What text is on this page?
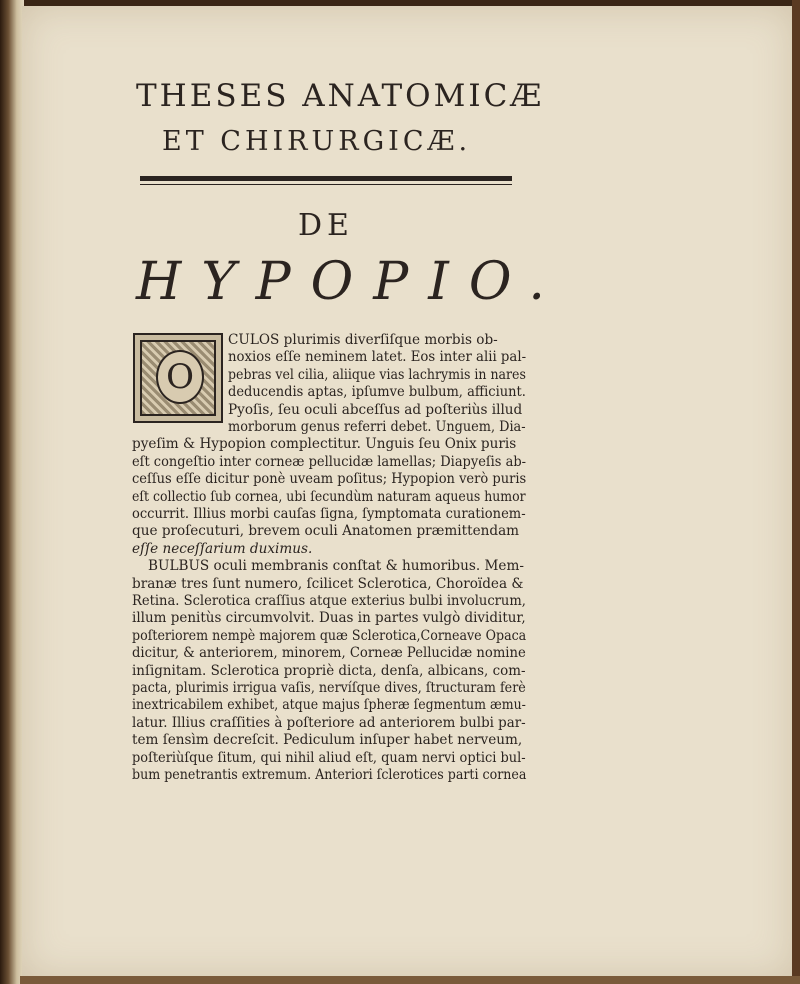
THESES ANATOMICÆ
ET CHIRURGICÆ.
DE
HYPOPIO.
O
CULOS plurimis diverſiſque morbis ob-
noxios eſſe neminem latet. Eos inter alii pal-
pebras vel cilia, aliique vias lachrymis in nares
deducendis aptas, ipſumve bulbum, afficiunt.
Pyoſis, ſeu oculi abceſſus ad poſteriùs illud
morborum genus referri debet. Unguem, Dia-
pyeſim & Hypopion complectitur. Unguis ſeu Onix puris
eſt congeſtio inter corneæ pellucidæ lamellas; Diapyeſis ab-
ceſſus eſſe dicitur ponè uveam poſitus; Hypopion verò puris
eſt collectio ſub cornea, ubi ſecundùm naturam aqueus humor
occurrit. Illius morbi cauſas ſigna, ſymptomata curationem-
que proſecuturi, brevem oculi Anatomen præmittendam
eſſe neceſſarium duximus.
BULBUS oculi membranis conſtat & humoribus. Mem-
branæ tres ſunt numero, ſcilicet Sclerotica, Choroïdea &
Retina. Sclerotica craſſius atque exterius bulbi involucrum,
illum penitùs circumvolvit. Duas in partes vulgò dividitur,
poſteriorem nempè majorem quæ Sclerotica,Corneave Opaca
dicitur, & anteriorem, minorem, Corneæ Pellucidæ nomine
inſignitam. Sclerotica propriè dicta, denſa, albicans, com-
pacta, plurimis irrigua vaſis, nervíſque dives, ſtructuram ferè
inextricabilem exhibet, atque majus ſpheræ ſegmentum æmu-
latur. Illius craſſities à poſteriore ad anteriorem bulbi par-
tem ſensìm decreſcit. Pediculum inſuper habet nerveum,
poſteriùſque ſitum, qui nihil aliud eſt, quam nervi optici bul-
bum penetrantis extremum. Anteriori ſclerotices parti cornea
